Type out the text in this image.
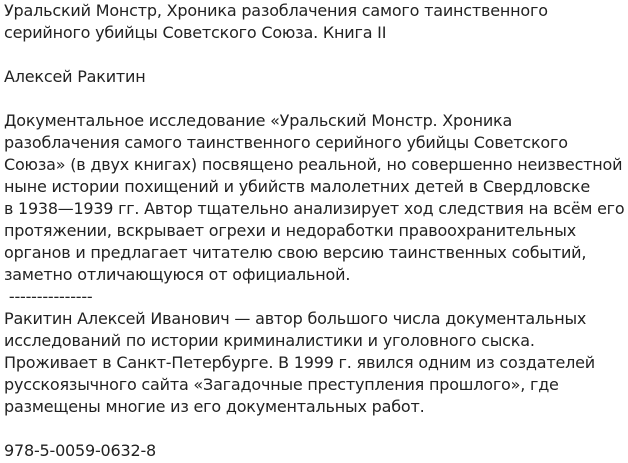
Уральский Монстр, Хроника разоблачения самого таинственного
серийного убийцы Советского Союза. Книга II
Алексей Ракитин
Документальное исследование «Уральский Монстр. Хроника
разоблачения самого таинственного серийного убийцы Советского
Союза» (в двух книгах) посвящено реальной, но совершенно неизвестной
ныне истории похищений и убийств малолетних детей в Свердловске
в 1938—1939 гг. Автор тщательно анализирует ход следствия на всём его
протяжении, вскрывает огрехи и недоработки правоохранительных
органов и предлагает читателю свою версию таинственных событий,
заметно отличающуюся от официальной.
---------------
Ракитин Алексей Иванович — автор большого числа документальных
исследований по истории криминалистики и уголовного сыска.
Проживает в Санкт-Петербурге. В 1999 г. явился одним из создателей
русскоязычного сайта «Загадочные преступления прошлого», где
размещены многие из его документальных работ.
978-5-0059-0632-8
